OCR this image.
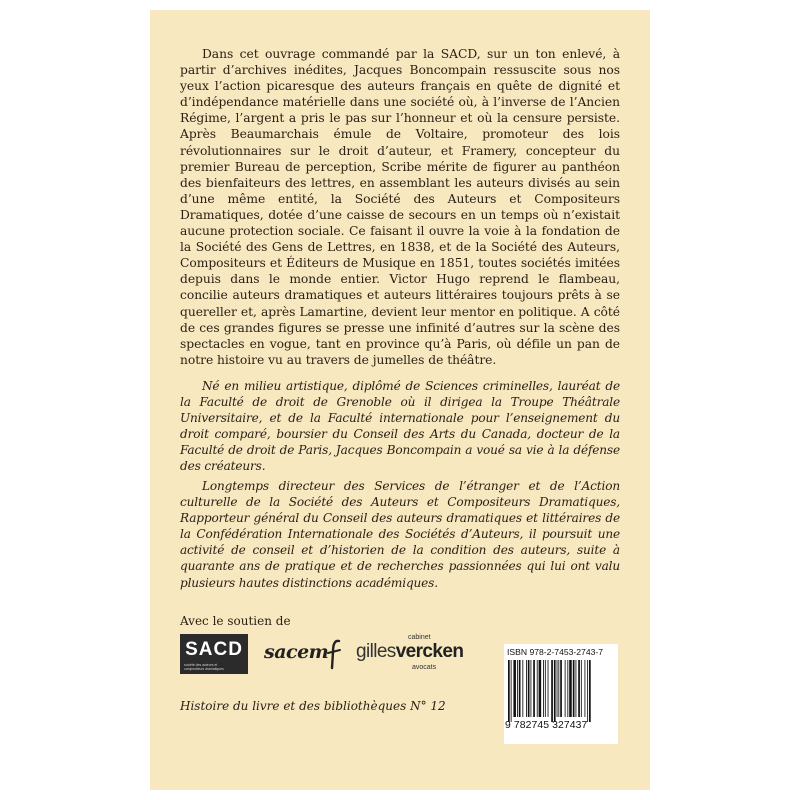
Dans cet ouvrage commandé par la SACD, sur un ton enlevé, à partir d’archives inédites, Jacques Boncompain ressuscite sous nos yeux l’action picaresque des auteurs français en quête de dignité et d’indépendance matérielle dans une société où, à l’inverse de l’Ancien Régime, l’argent a pris le pas sur l’honneur et où la censure persiste. Après Beaumarchais émule de Voltaire, promoteur des lois révolutionnaires sur le droit d’auteur, et Framery, concepteur du premier Bureau de perception, Scribe mérite de figurer au panthéon des bienfaiteurs des lettres, en assemblant les auteurs divisés au sein d’une même entité, la Société des Auteurs et Compositeurs Dramatiques, dotée d’une caisse de secours en un temps où n’existait aucune protection sociale. Ce faisant il ouvre la voie à la fondation de la Société des Gens de Lettres, en 1838, et de la Société des Auteurs, Compositeurs et Éditeurs de Musique en 1851, toutes sociétés imitées depuis dans le monde entier. Victor Hugo reprend le flambeau, concilie auteurs dramatiques et auteurs littéraires toujours prêts à se quereller et, après Lamartine, devient leur mentor en politique. A côté de ces grandes figures se presse une infinité d’autres sur la scène des spectacles en vogue, tant en province qu’à Paris, où défile un pan de notre histoire vu au travers de jumelles de théâtre.

Né en milieu artistique, diplômé de Sciences criminelles, lauréat de la Faculté de droit de Grenoble où il dirigea la Troupe Théâtrale Universitaire, et de la Faculté internationale pour l’enseignement du droit comparé, boursier du Conseil des Arts du Canada, docteur de la Faculté de droit de Paris, Jacques Boncompain a voué sa vie à la défense des créateurs.

Longtemps directeur des Services de l’étranger et de l’Action culturelle de la Société des Auteurs et Compositeurs Dramatiques, Rapporteur général du Conseil des auteurs dramatiques et littéraires de la Confédération Internationale des Sociétés d’Auteurs, il poursuit une activité de conseil et d’historien de la condition des auteurs, suite à quarante ans de pratique et de recherches passionnées qui lui ont valu plusieurs hautes distinctions académiques.

Avec le soutien de
SACD
société des auteurs et
compositeurs dramatiques
sacem
cabinet
gillesvercken
avocats
ISBN 978-2-7453-2743-7
9 782745 327437
Histoire du livre et des bibliothèques N° 12
